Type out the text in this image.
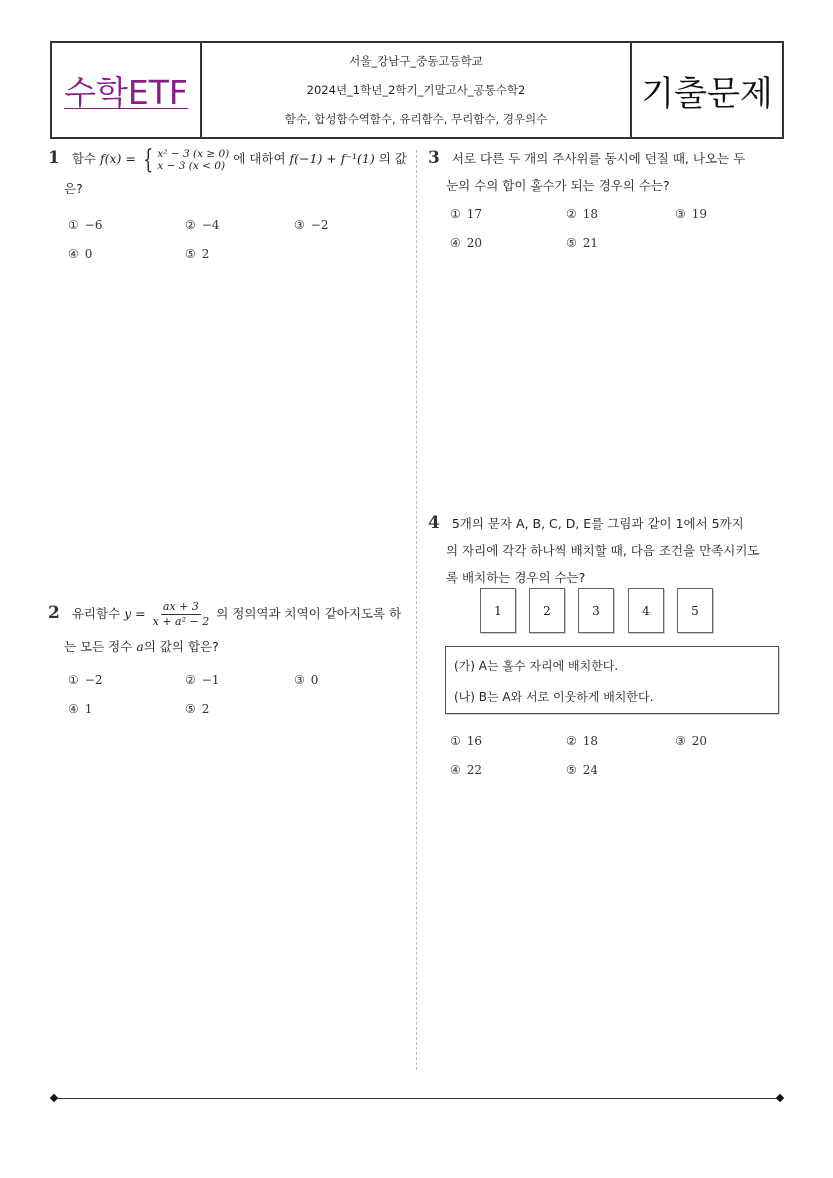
수학ETF
서울_강남구_중동고등학교
2024년_1학년_2학기_기말고사_공통수학2
함수, 합성함수역함수, 유리함수, 무리함수, 경우의수
기출문제
1 함수 f(x) = { x² − 3 (x ≥ 0)
x − 3 (x < 0) 에 대하여 f(−1) + f⁻¹(1) 의 값
은?
① −6	② −4	③ −2
④ 0	⑤ 2
2 유리함수 $y = \frac{ax + 3}{\text{x + a² − 2}}$ 의 정의역과 치역이 같아지도록 하
는 모든 정수 a의 값의 합은?
① −2	② −1	③ 0
④ 1	⑤ 2
3 서로 다른 두 개의 주사위를 동시에 던질 때, 나오는 두
눈의 수의 합이 홀수가 되는 경우의 수는?
① 17	② 18	③ 19
④ 20	⑤ 21
4 5개의 문자 A, B, C, D, E를 그림과 같이 1에서 5까지
의 자리에 각각 하나씩 배치할 때, 다음 조건을 만족시키도
록 배치하는 경우의 수는?
1	2	3	4	5
(가) A는 홀수 자리에 배치한다.
(나) B는 A와 서로 이웃하게 배치한다.
① 16	② 18	③ 20
④ 22	⑤ 24
